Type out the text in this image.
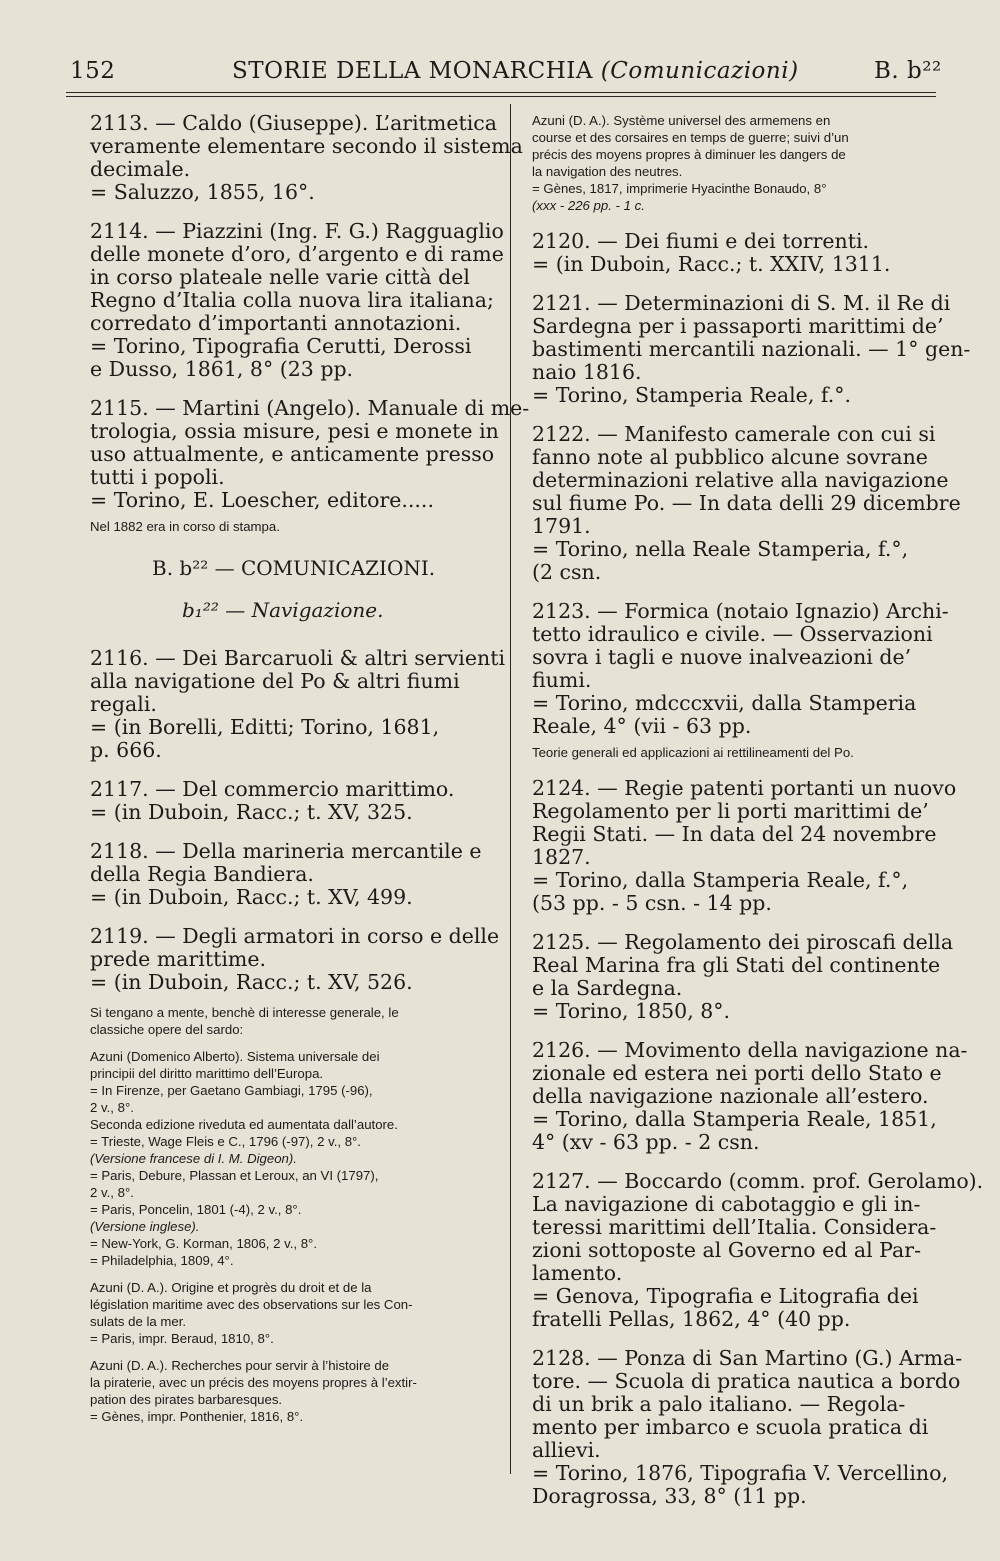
152	STORIE DELLA MONARCHIA (Comunicazioni)	B. b²²
2113. — Caldo (Giuseppe). L’aritmetica
veramente elementare secondo il sistema
decimale.
= Saluzzo, 1855, 16°.
2114. — Piazzini (Ing. F. G.) Ragguaglio
delle monete d’oro, d’argento e di rame
in corso plateale nelle varie città del
Regno d’Italia colla nuova lira italiana;
corredato d’importanti annotazioni.
= Torino, Tipografia Cerutti, Derossi
e Dusso, 1861, 8° (23 pp.
2115. — Martini (Angelo). Manuale di me-
trologia, ossia misure, pesi e monete in
uso attualmente, e anticamente presso
tutti i popoli.
= Torino, E. Loescher, editore.....
Nel 1882 era in corso di stampa.
B. b²² — COMUNICAZIONI.
b₁²² — Navigazione.
2116. — Dei Barcaruoli & altri servienti
alla navigatione del Po & altri fiumi
regali.
= (in Borelli, Editti; Torino, 1681,
p. 666.
2117. — Del commercio marittimo.
= (in Duboin, Racc.; t. XV, 325.
2118. — Della marineria mercantile e
della Regia Bandiera.
= (in Duboin, Racc.; t. XV, 499.
2119. — Degli armatori in corso e delle
prede marittime.
= (in Duboin, Racc.; t. XV, 526.
Si tengano a mente, benchè di interesse generale, le
classiche opere del sardo:
Azuni (Domenico Alberto). Sistema universale dei
principii del diritto marittimo dell’Europa.
= In Firenze, per Gaetano Gambiagi, 1795 (-96),
2 v., 8°.
Seconda edizione riveduta ed aumentata dall’autore.
= Trieste, Wage Fleis e C., 1796 (-97), 2 v., 8°.
(Versione francese di I. M. Digeon).
= Paris, Debure, Plassan et Leroux, an VI (1797),
2 v., 8°.
= Paris, Poncelin, 1801 (-4), 2 v., 8°.
(Versione inglese).
= New-York, G. Korman, 1806, 2 v., 8°.
= Philadelphia, 1809, 4°.
Azuni (D. A.). Origine et progrès du droit et de la
législation maritime avec des observations sur les Con-
sulats de la mer.
= Paris, impr. Beraud, 1810, 8°.
Azuni (D. A.). Recherches pour servir à l’histoire de
la piraterie, avec un précis des moyens propres à l’extir-
pation des pirates barbaresques.
= Gènes, impr. Ponthenier, 1816, 8°.
Azuni (D. A.). Système universel des armemens en
course et des corsaires en temps de guerre; suivi d’un
précis des moyens propres à diminuer les dangers de
la navigation des neutres.
= Gènes, 1817, imprimerie Hyacinthe Bonaudo, 8°
(xxx - 226 pp. - 1 c.
2120. — Dei fiumi e dei torrenti.
= (in Duboin, Racc.; t. XXIV, 1311.
2121. — Determinazioni di S. M. il Re di
Sardegna per i passaporti marittimi de’
bastimenti mercantili nazionali. — 1° gen-
naio 1816.
= Torino, Stamperia Reale, f.°.
2122. — Manifesto camerale con cui si
fanno note al pubblico alcune sovrane
determinazioni relative alla navigazione
sul fiume Po. — In data delli 29 dicembre
1791.
= Torino, nella Reale Stamperia, f.°,
(2 csn.
2123. — Formica (notaio Ignazio) Archi-
tetto idraulico e civile. — Osservazioni
sovra i tagli e nuove inalveazioni de’
fiumi.
= Torino, mdcccxvii, dalla Stamperia
Reale, 4° (vii - 63 pp.
Teorie generali ed applicazioni ai rettilineamenti del Po.
2124. — Regie patenti portanti un nuovo
Regolamento per li porti marittimi de’
Regii Stati. — In data del 24 novembre
1827.
= Torino, dalla Stamperia Reale, f.°,
(53 pp. - 5 csn. - 14 pp.
2125. — Regolamento dei piroscafi della
Real Marina fra gli Stati del continente
e la Sardegna.
= Torino, 1850, 8°.
2126. — Movimento della navigazione na-
zionale ed estera nei porti dello Stato e
della navigazione nazionale all’estero.
= Torino, dalla Stamperia Reale, 1851,
4° (xv - 63 pp. - 2 csn.
2127. — Boccardo (comm. prof. Gerolamo).
La navigazione di cabotaggio e gli in-
teressi marittimi dell’Italia. Considera-
zioni sottoposte al Governo ed al Par-
lamento.
= Genova, Tipografia e Litografia dei
fratelli Pellas, 1862, 4° (40 pp.
2128. — Ponza di San Martino (G.) Arma-
tore. — Scuola di pratica nautica a bordo
di un brik a palo italiano. — Regola-
mento per imbarco e scuola pratica di
allievi.
= Torino, 1876, Tipografia V. Vercellino,
Doragrossa, 33, 8° (11 pp.
